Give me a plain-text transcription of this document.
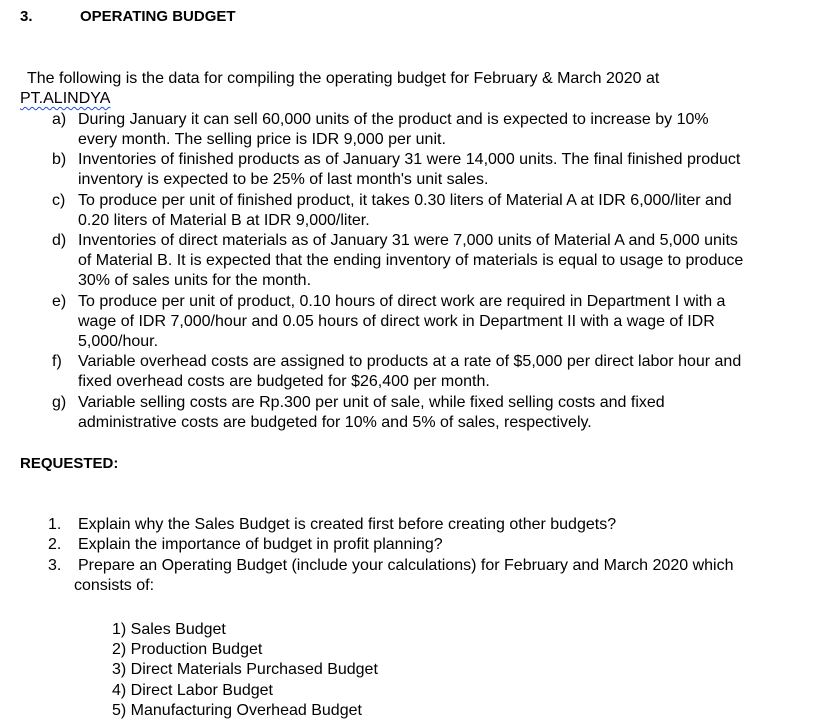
3.	OPERATING BUDGET
The following is the data for compiling the operating budget for February & March 2020 at
PT.ALINDYA
a) During January it can sell 60,000 units of the product and is expected to increase by 10%
every month. The selling price is IDR 9,000 per unit.
b) Inventories of finished products as of January 31 were 14,000 units. The final finished product
inventory is expected to be 25% of last month's unit sales.
c) To produce per unit of finished product, it takes 0.30 liters of Material A at IDR 6,000/liter and
0.20 liters of Material B at IDR 9,000/liter.
d) Inventories of direct materials as of January 31 were 7,000 units of Material A and 5,000 units
of Material B. It is expected that the ending inventory of materials is equal to usage to produce
30% of sales units for the month.
e) To produce per unit of product, 0.10 hours of direct work are required in Department I with a
wage of IDR 7,000/hour and 0.05 hours of direct work in Department II with a wage of IDR
5,000/hour.
f) Variable overhead costs are assigned to products at a rate of $5,000 per direct labor hour and
fixed overhead costs are budgeted for $26,400 per month.
g) Variable selling costs are Rp.300 per unit of sale, while fixed selling costs and fixed
administrative costs are budgeted for 10% and 5% of sales, respectively.
REQUESTED:
1. Explain why the Sales Budget is created first before creating other budgets?
2. Explain the importance of budget in profit planning?
3. Prepare an Operating Budget (include your calculations) for February and March 2020 which
consists of:
1) Sales Budget
2) Production Budget
3) Direct Materials Purchased Budget
4) Direct Labor Budget
5) Manufacturing Overhead Budget
